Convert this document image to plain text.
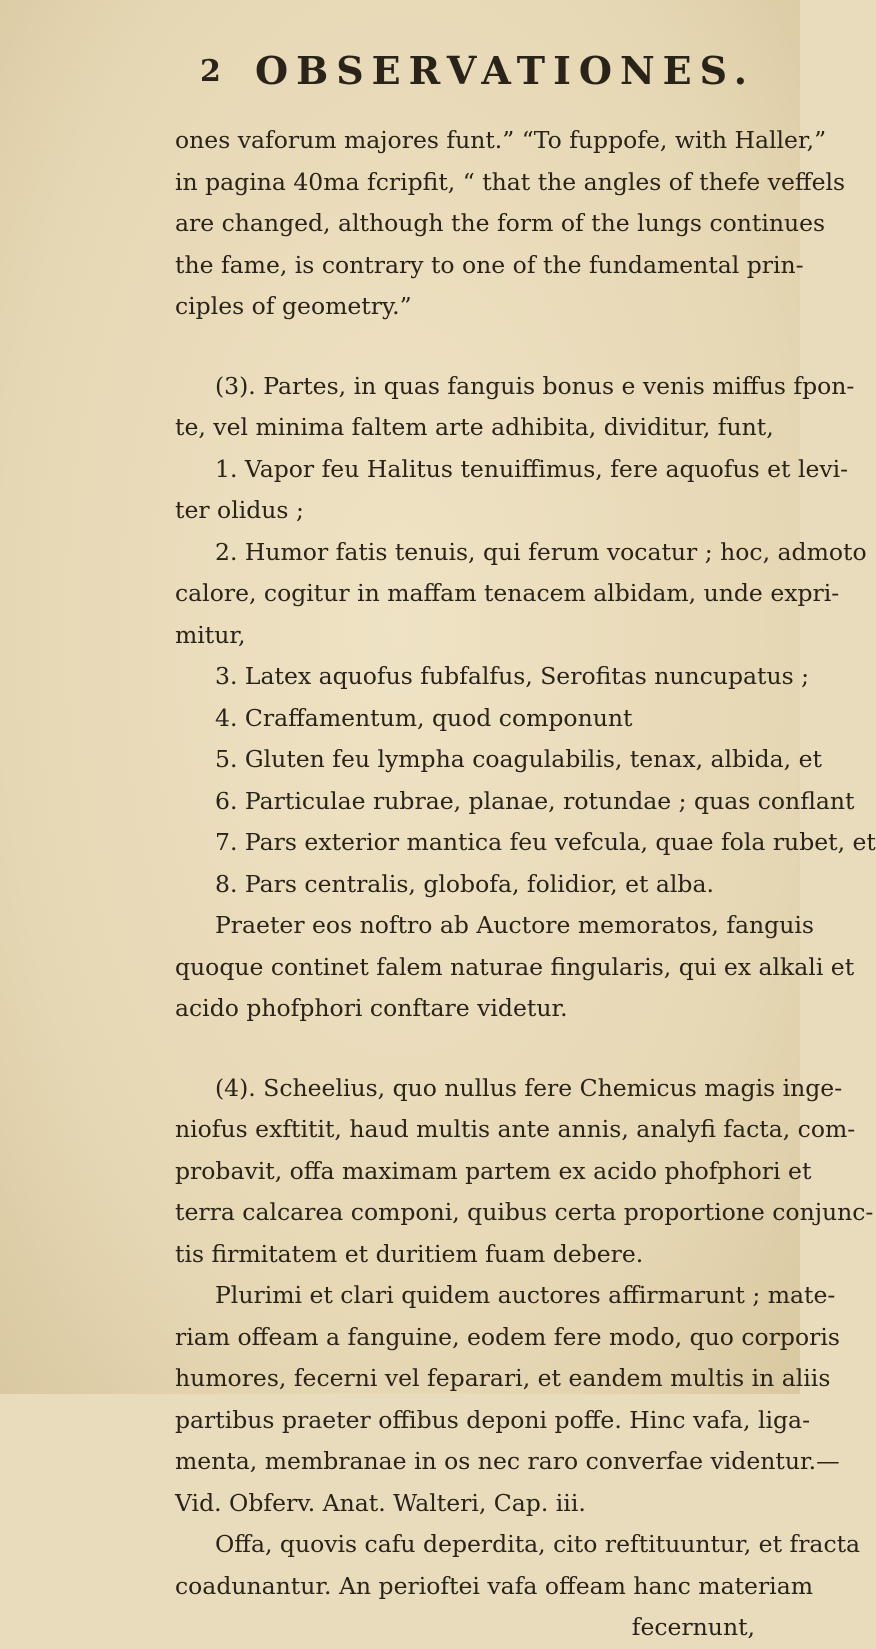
2 OBSERVATIONES.

ones vaforum majores funt.” “To fuppofe, with Haller,”
in pagina 40ma fcripfit, “ that the angles of thefe veffels
are changed, although the form of the lungs continues
the fame, is contrary to one of the fundamental prin-
ciples of geometry.”

(3). Partes, in quas fanguis bonus e venis miffus fpon-
te, vel minima faltem arte adhibita, dividitur, funt,
1. Vapor feu Halitus tenuiffimus, fere aquofus et levi-
ter olidus ;
2. Humor fatis tenuis, qui ferum vocatur ; hoc, admoto
calore, cogitur in maffam tenacem albidam, unde expri-
mitur,
3. Latex aquofus fubfalfus, Serofitas nuncupatus ;
4. Craffamentum, quod componunt
5. Gluten feu lympha coagulabilis, tenax, albida, et
6. Particulae rubrae, planae, rotundae ; quas conflant
7. Pars exterior mantica feu vefcula, quae fola rubet, et
8. Pars centralis, globofa, folidior, et alba.
Praeter eos noftro ab Auctore memoratos, fanguis
quoque continet falem naturae fingularis, qui ex alkali et
acido phofphori conftare videtur.

(4). Scheelius, quo nullus fere Chemicus magis inge-
niofus exftitit, haud multis ante annis, analyfi facta, com-
probavit, offa maximam partem ex acido phofphori et
terra calcarea componi, quibus certa proportione conjunc-
tis firmitatem et duritiem fuam debere.
Plurimi et clari quidem auctores affirmarunt ; mate-
riam offeam a fanguine, eodem fere modo, quo corporis
humores, fecerni vel feparari, et eandem multis in aliis
partibus praeter offibus deponi poffe. Hinc vafa, liga-
menta, membranae in os nec raro converfae videntur.—
Vid. Obferv. Anat. Walteri, Cap. iii.
Offa, quovis cafu deperdita, cito reftituuntur, et fracta
coadunantur. An perioftei vafa offeam hanc materiam
fecernunt,
